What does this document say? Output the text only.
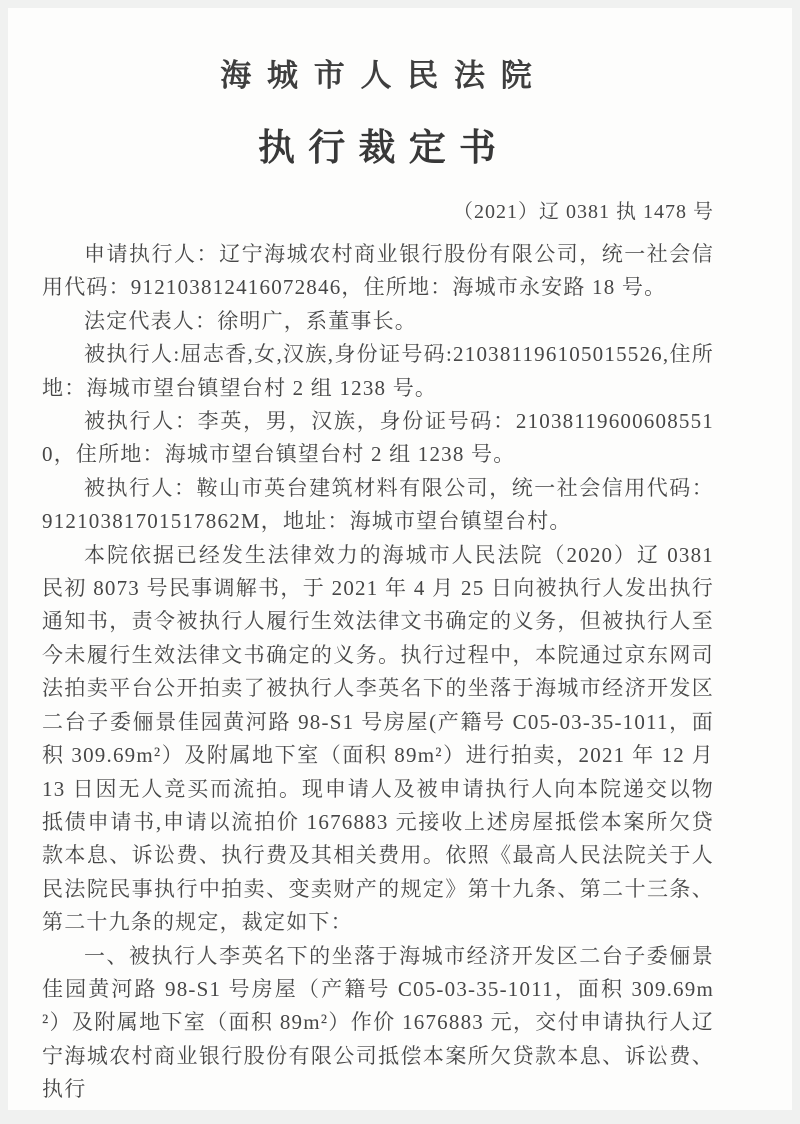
海 城 市 人 民 法 院
执 行 裁 定 书
（2021）辽 0381 执 1478 号

申请执行人：辽宁海城农村商业银行股份有限公司，统一社会信用代码：912103812416072846，住所地：海城市永安路 18 号。

法定代表人：徐明广，系董事长。

被执行人:屈志香,女,汉族,身份证号码:210381196105015526,住所地：海城市望台镇望台村 2 组 1238 号。

被执行人：李英，男，汉族，身份证号码：210381196006085510，住所地：海城市望台镇望台村 2 组 1238 号。

被执行人：鞍山市英台建筑材料有限公司，统一社会信用代码：91210381701517862M，地址：海城市望台镇望台村。

本院依据已经发生法律效力的海城市人民法院（2020）辽 0381 民初 8073 号民事调解书，于 2021 年 4 月 25 日向被执行人发出执行通知书，责令被执行人履行生效法律文书确定的义务，但被执行人至今未履行生效法律文书确定的义务。执行过程中，本院通过京东网司法拍卖平台公开拍卖了被执行人李英名下的坐落于海城市经济开发区二台子委俪景佳园黄河路 98-S1 号房屋(产籍号 C05-03-35-1011，面积 309.69m²）及附属地下室（面积 89m²）进行拍卖，2021 年 12 月 13 日因无人竞买而流拍。现申请人及被申请执行人向本院递交以物抵债申请书,申请以流拍价 1676883 元接收上述房屋抵偿本案所欠贷款本息、诉讼费、执行费及其相关费用。依照《最高人民法院关于人民法院民事执行中拍卖、变卖财产的规定》第十九条、第二十三条、第二十九条的规定，裁定如下：

一、被执行人李英名下的坐落于海城市经济开发区二台子委俪景佳园黄河路 98-S1 号房屋（产籍号 C05-03-35-1011，面积 309.69m²）及附属地下室（面积 89m²）作价 1676883 元，交付申请执行人辽宁海城农村商业银行股份有限公司抵偿本案所欠贷款本息、诉讼费、执行
